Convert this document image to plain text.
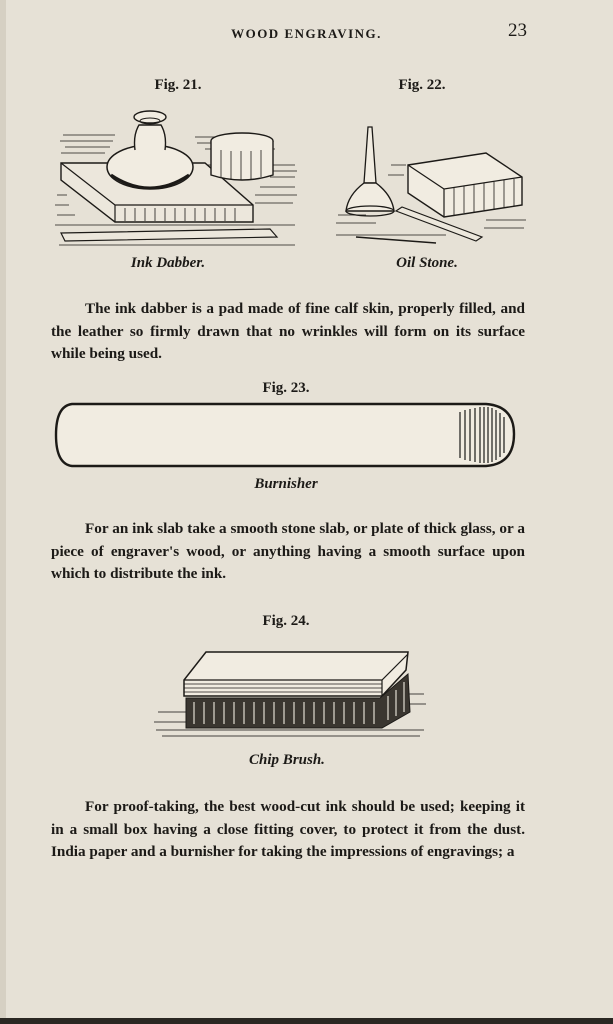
WOOD ENGRAVING.	23
Fig. 21.
Ink Dabber.
Fig. 22.
Oil Stone.

The ink dabber is a pad made of fine calf skin, properly filled, and the leather so firmly drawn that no wrinkles will form on its surface while being used.

Fig. 23.
Burnisher

For an ink slab take a smooth stone slab, or plate of thick glass, or a piece of engraver's wood, or anything having a smooth surface upon which to distribute the ink.

Fig. 24.
Chip Brush.

For proof-taking, the best wood-cut ink should be used; keeping it in a small box having a close fitting cover, to protect it from the dust. India paper and a burnisher for taking the impressions of engravings; a
